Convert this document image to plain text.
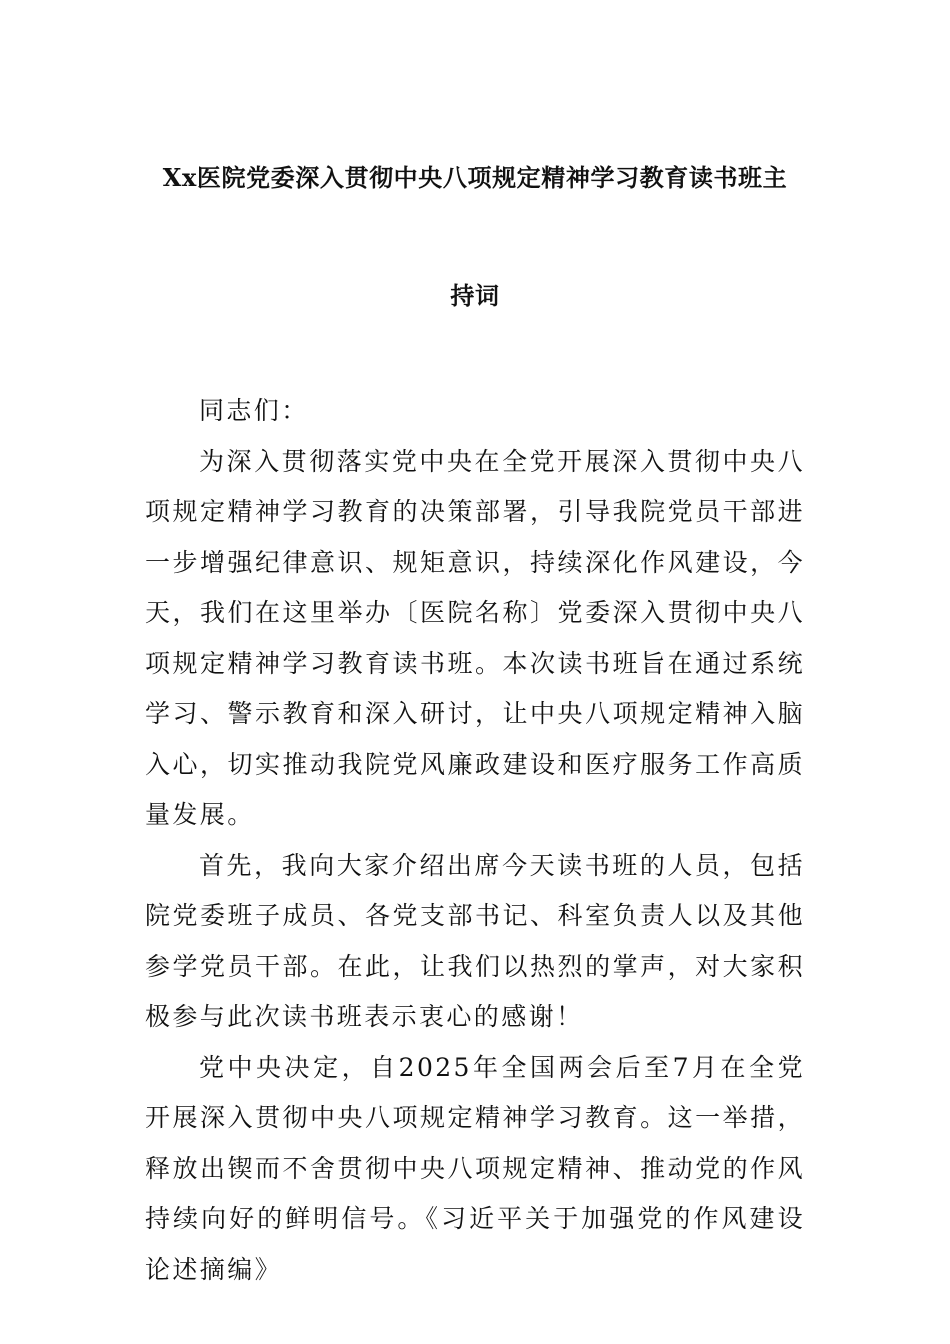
Xx医院党委深入贯彻中央八项规定精神学习教育读书班主
持词

同志们：

为深入贯彻落实党中央在全党开展深入贯彻中央八项规定精神学习教育的决策部署，引导我院党员干部进一步增强纪律意识、规矩意识，持续深化作风建设，今天，我们在这里举办〔医院名称〕党委深入贯彻中央八项规定精神学习教育读书班。本次读书班旨在通过系统学习、警示教育和深入研讨，让中央八项规定精神入脑入心，切实推动我院党风廉政建设和医疗服务工作高质量发展。

首先，我向大家介绍出席今天读书班的人员，包括院党委班子成员、各党支部书记、科室负责人以及其他参学党员干部。在此，让我们以热烈的掌声，对大家积极参与此次读书班表示衷心的感谢！

党中央决定，自2025年全国两会后至7月在全党开展深入贯彻中央八项规定精神学习教育。这一举措，释放出锲而不舍贯彻中央八项规定精神、推动党的作风持续向好的鲜明信号。《习近平关于加强党的作风建设论述摘编》
